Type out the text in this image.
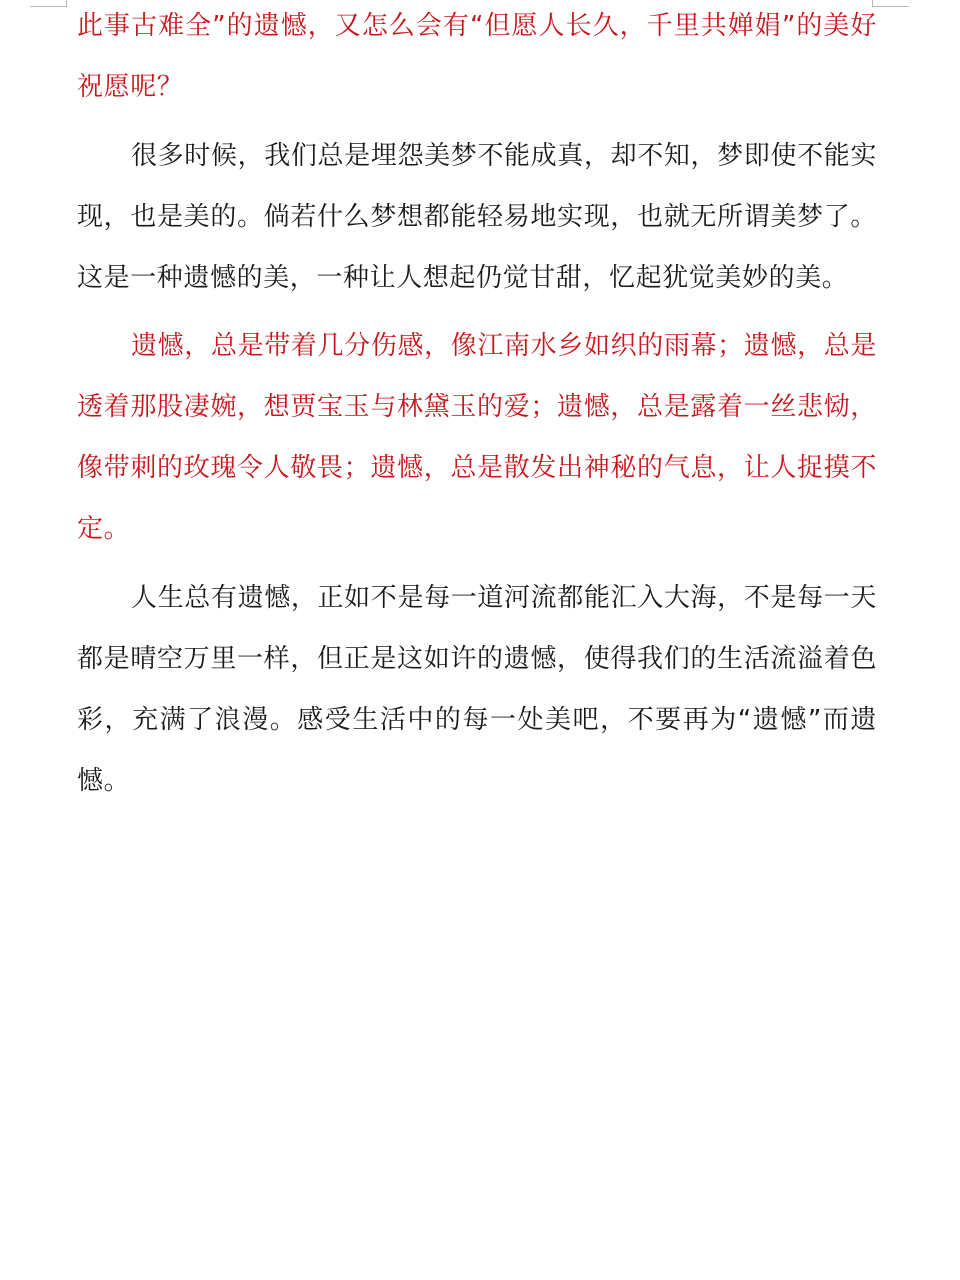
此事古难全”的遗憾，又怎么会有“但愿人长久，千里共婵娟”的美好祝愿呢？

很多时候，我们总是埋怨美梦不能成真，却不知，梦即使不能实现，也是美的。倘若什么梦想都能轻易地实现，也就无所谓美梦了。这是一种遗憾的美，一种让人想起仍觉甘甜，忆起犹觉美妙的美。

遗憾，总是带着几分伤感，像江南水乡如织的雨幕；遗憾，总是透着那股凄婉，想贾宝玉与林黛玉的爱；遗憾，总是露着一丝悲恸，像带刺的玫瑰令人敬畏；遗憾，总是散发出神秘的气息，让人捉摸不定。

人生总有遗憾，正如不是每一道河流都能汇入大海，不是每一天都是晴空万里一样，但正是这如许的遗憾，使得我们的生活流溢着色彩，充满了浪漫。感受生活中的每一处美吧，不要再为“遗憾”而遗憾。
